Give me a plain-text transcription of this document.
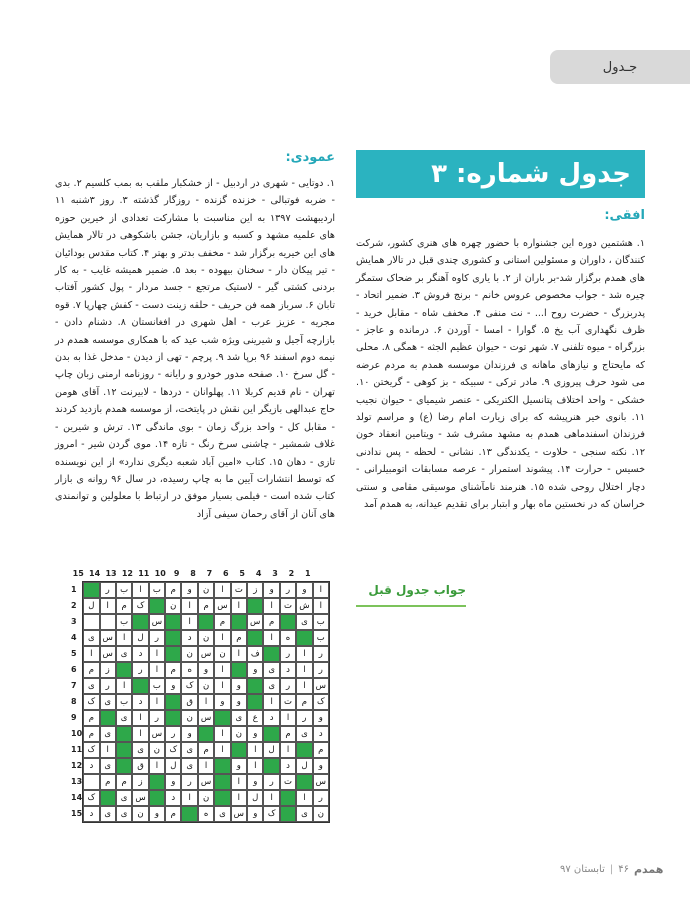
جـدول
جدول شماره: ۳
افقی:
۱. هشتمین دوره این جشنواره با حضور چهره های هنری کشور، شرکت کنندگان ، داوران و مسئولین استانی و کشوری چندی قبل در تالار همایش های همدم برگزار شد-بر باران از ۲. با یاری کاوه آهنگر بر ضحاک ستمگر چیره شد - جواب مخصوص عروس خانم - برنج فروش ۳. ضمیر اتحاد - پدربزرگ - حضرت روح ا... - نت منفی ۴. مخفف شاه - مقابل خرید - ظرف نگهداری آب یخ ۵. گوارا - امسا - آوردن ۶. درمانده و عاجز - بزرگراه - میوه تلفنی ۷. شهر توت - حیوان عظیم الجثه - همگی ۸. محلی که مایحتاج و نیازهای ماهانه ی فرزندان موسسه همدم به مردم عرضه می شود حرف پیروزی ۹. مادر ترکی - سبیکه - بز کوهی - گریختن ۱۰. خشکی - واحد اختلاف پتانسیل الکتریکی - عنصر شیمیای - حیوان نجیب ۱۱. بانوی خیر هنرپیشه که برای زیارت امام رضا (ع) و مراسم تولد فرزندان اسفندماهی همدم به مشهد مشرف شد - ویتامین انعقاد خون ۱۲. نکته سنجی - حلاوت - یکدندگی ۱۳. نشانی - لحظه - پس ندادنی خسیس - حرارت ۱۴. پیشوند استمرار - عرصه مسابقات اتومبیلرانی - دچار اختلال روحی شده ۱۵. هنرمند نامآشنای موسیقی مقامی و سنتی خراسان که در نخستین ماه بهار و ابتبار برای تقدیم عیدانه، به همدم آمد
عمودی:
۱. دوتایی - شهری در اردبیل - از خشکبار ملقب به بمب کلسیم ۲. بدی - ضربه فوتبالی - خزنده گزنده - روزگار گذشته ۳. روز ۳شنبه ۱۱ اردیبهشت ۱۳۹۷ به این مناسبت با مشارکت تعدادی از خیرین حوزه های علمیه مشهد و کسبه و بازاریان، جشن باشکوهی در تالار همایش های این خیریه برگزار شد - مخفف بدتر و بهتر ۴. کتاب مقدس بودائیان - تیر پیکان دار - سخنان بیهوده - بعد ۵. ضمیر همیشه غایب - به کار بردنی کشتی گیر - لاستیک مرتجع - جسد مردار - پول کشور آفتاب تابان ۶. سرباز همه فن حریف - حلقه زینت دست - کفش چهارپا ۷. قوه مجریه - عزیز عرب - اهل شهری در افغانستان ۸. دشنام دادن - بازارچه آجیل و شیرینی ویژه شب عید که با همکاری موسسه همدم در نیمه دوم اسفند ۹۶ برپا شد ۹. پرچم - تهی از دیدن - مدخل غذا به بدن - گل سرخ ۱۰. صفحه مدور خودرو و رایانه - روزنامه ارمنی زبان چاپ تهران - نام قدیم کربلا ۱۱. پهلوانان - دردها - لابیرنت ۱۲. آقای هومن حاج عبدالهی بازیگر این نقش در پایتخت، از موسسه همدم بازدید کردند - مقابل کل - واحد بزرگ زمان - بوی ماندگی ۱۳. ترش و شیرین - غلاف شمشیر - چاشنی سرخ رنگ - تازه ۱۴. موی گردن شیر - امروز تازی - دهان ۱۵. کتاب «امین آباد شعبه دیگری ندارد» از این نویسنده که توسط انتشارات آیین ما به چاپ رسیده، در سال ۹۶ روانه ی بازار کتاب شده است - فیلمی بسیار موفق در ارتباط با معلولین و توانمندی های آنان از آقای رحمان سیفی آزاد
جواب جدول قبل
1
2
3
4
5
6
7
8
9
10
11
12
13
14
15
ا
و
ر
و
ز
ت
ا
ن
و
م
ب
ا
ب
ر
ا
ش
ت
ا
ا
س
م
ا
ن
ک
م
ا
ل
ب
ی
م
س
م
ا
س
ب
ب
ه
ا
م
ا
ن
د
ر
ل
ا
س
ی
ر
ا
ر
ف
ا
ن
س
ن
ا
د
ی
س
ا
ر
ا
د
ی
و
ا
و
ه
م
ا
ر
ز
م
س
ا
ر
ی
و
ا
ن
ک
و
ب
ا
ر
ی
ک
م
ت
ا
و
و
ا
ق
ا
د
ب
ی
ک
و
ر
ا
د
ع
ی
س
ن
ر
ا
ی
م
د
ی
م
و
ن
ا
و
ر
س
ا
ی
م
م
ا
ل
ا
ا
م
ی
ک
ن
ی
ا
ک
و
ل
د
ا
و
ا
ی
ل
ا
ق
ی
د
س
ت
ر
و
ا
س
ر
و
ز
م
م
ر
ا
ا
ل
ا
ن
ا
د
س
ی
ک
ن
ی
ک
و
س
ی
ه
م
و
ن
ی
ی
د
1
2
3
4
5
6
7
8
9
10
11
12
13
14
15
همدم
۴۶
|
تابستان ۹۷
